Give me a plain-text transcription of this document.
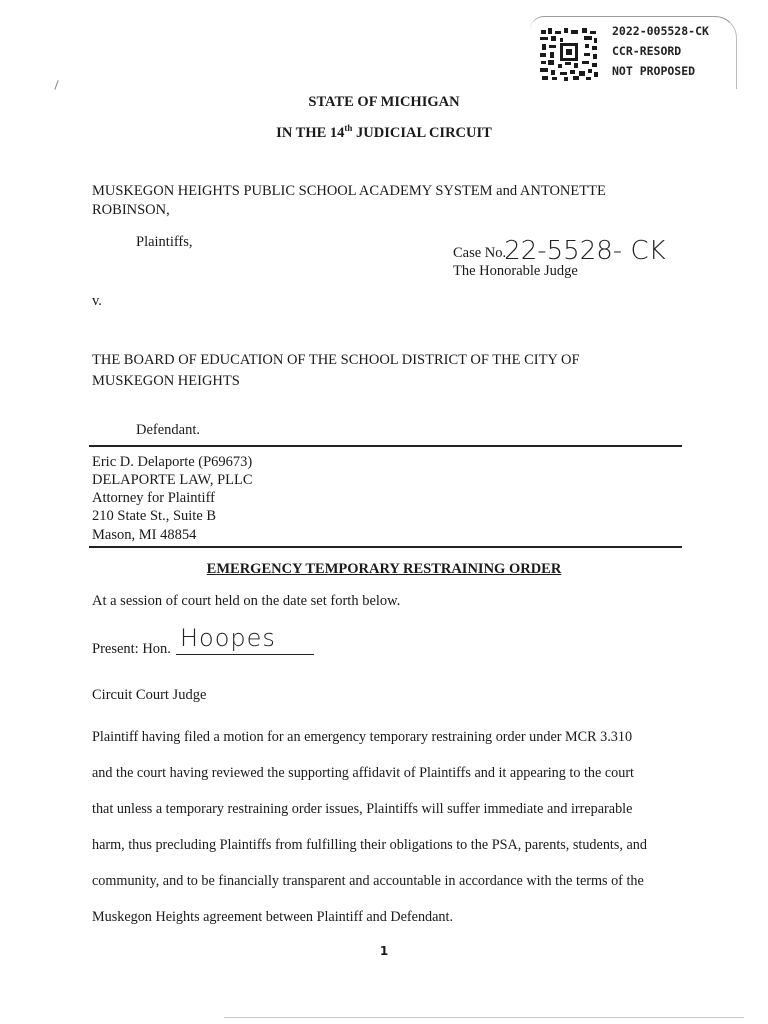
2022-005528-CK
CCR-RESORD
NOT PROPOSED
STATE OF MICHIGAN
IN THE 14th JUDICIAL CIRCUIT
MUSKEGON HEIGHTS PUBLIC SCHOOL ACADEMY SYSTEM and ANTONETTE
ROBINSON,
Plaintiffs,
Case No.22-5528- CK
The Honorable Judge
v.
THE BOARD OF EDUCATION OF THE SCHOOL DISTRICT OF THE CITY OF
MUSKEGON HEIGHTS
Defendant.
Eric D. Delaporte (P69673)
DELAPORTE LAW, PLLC
Attorney for Plaintiff
210 State St., Suite B
Mason, MI 48854
EMERGENCY TEMPORARY RESTRAINING ORDER
At a session of court held on the date set forth below.
Present: Hon. Hoopes
Circuit Court Judge
Plaintiff having filed a motion for an emergency temporary restraining order under MCR 3.310
and the court having reviewed the supporting affidavit of Plaintiffs and it appearing to the court
that unless a temporary restraining order issues, Plaintiffs will suffer immediate and irreparable
harm, thus precluding Plaintiffs from fulfilling their obligations to the PSA, parents, students, and
community, and to be financially transparent and accountable in accordance with the terms of the
Muskegon Heights agreement between Plaintiff and Defendant.
1
